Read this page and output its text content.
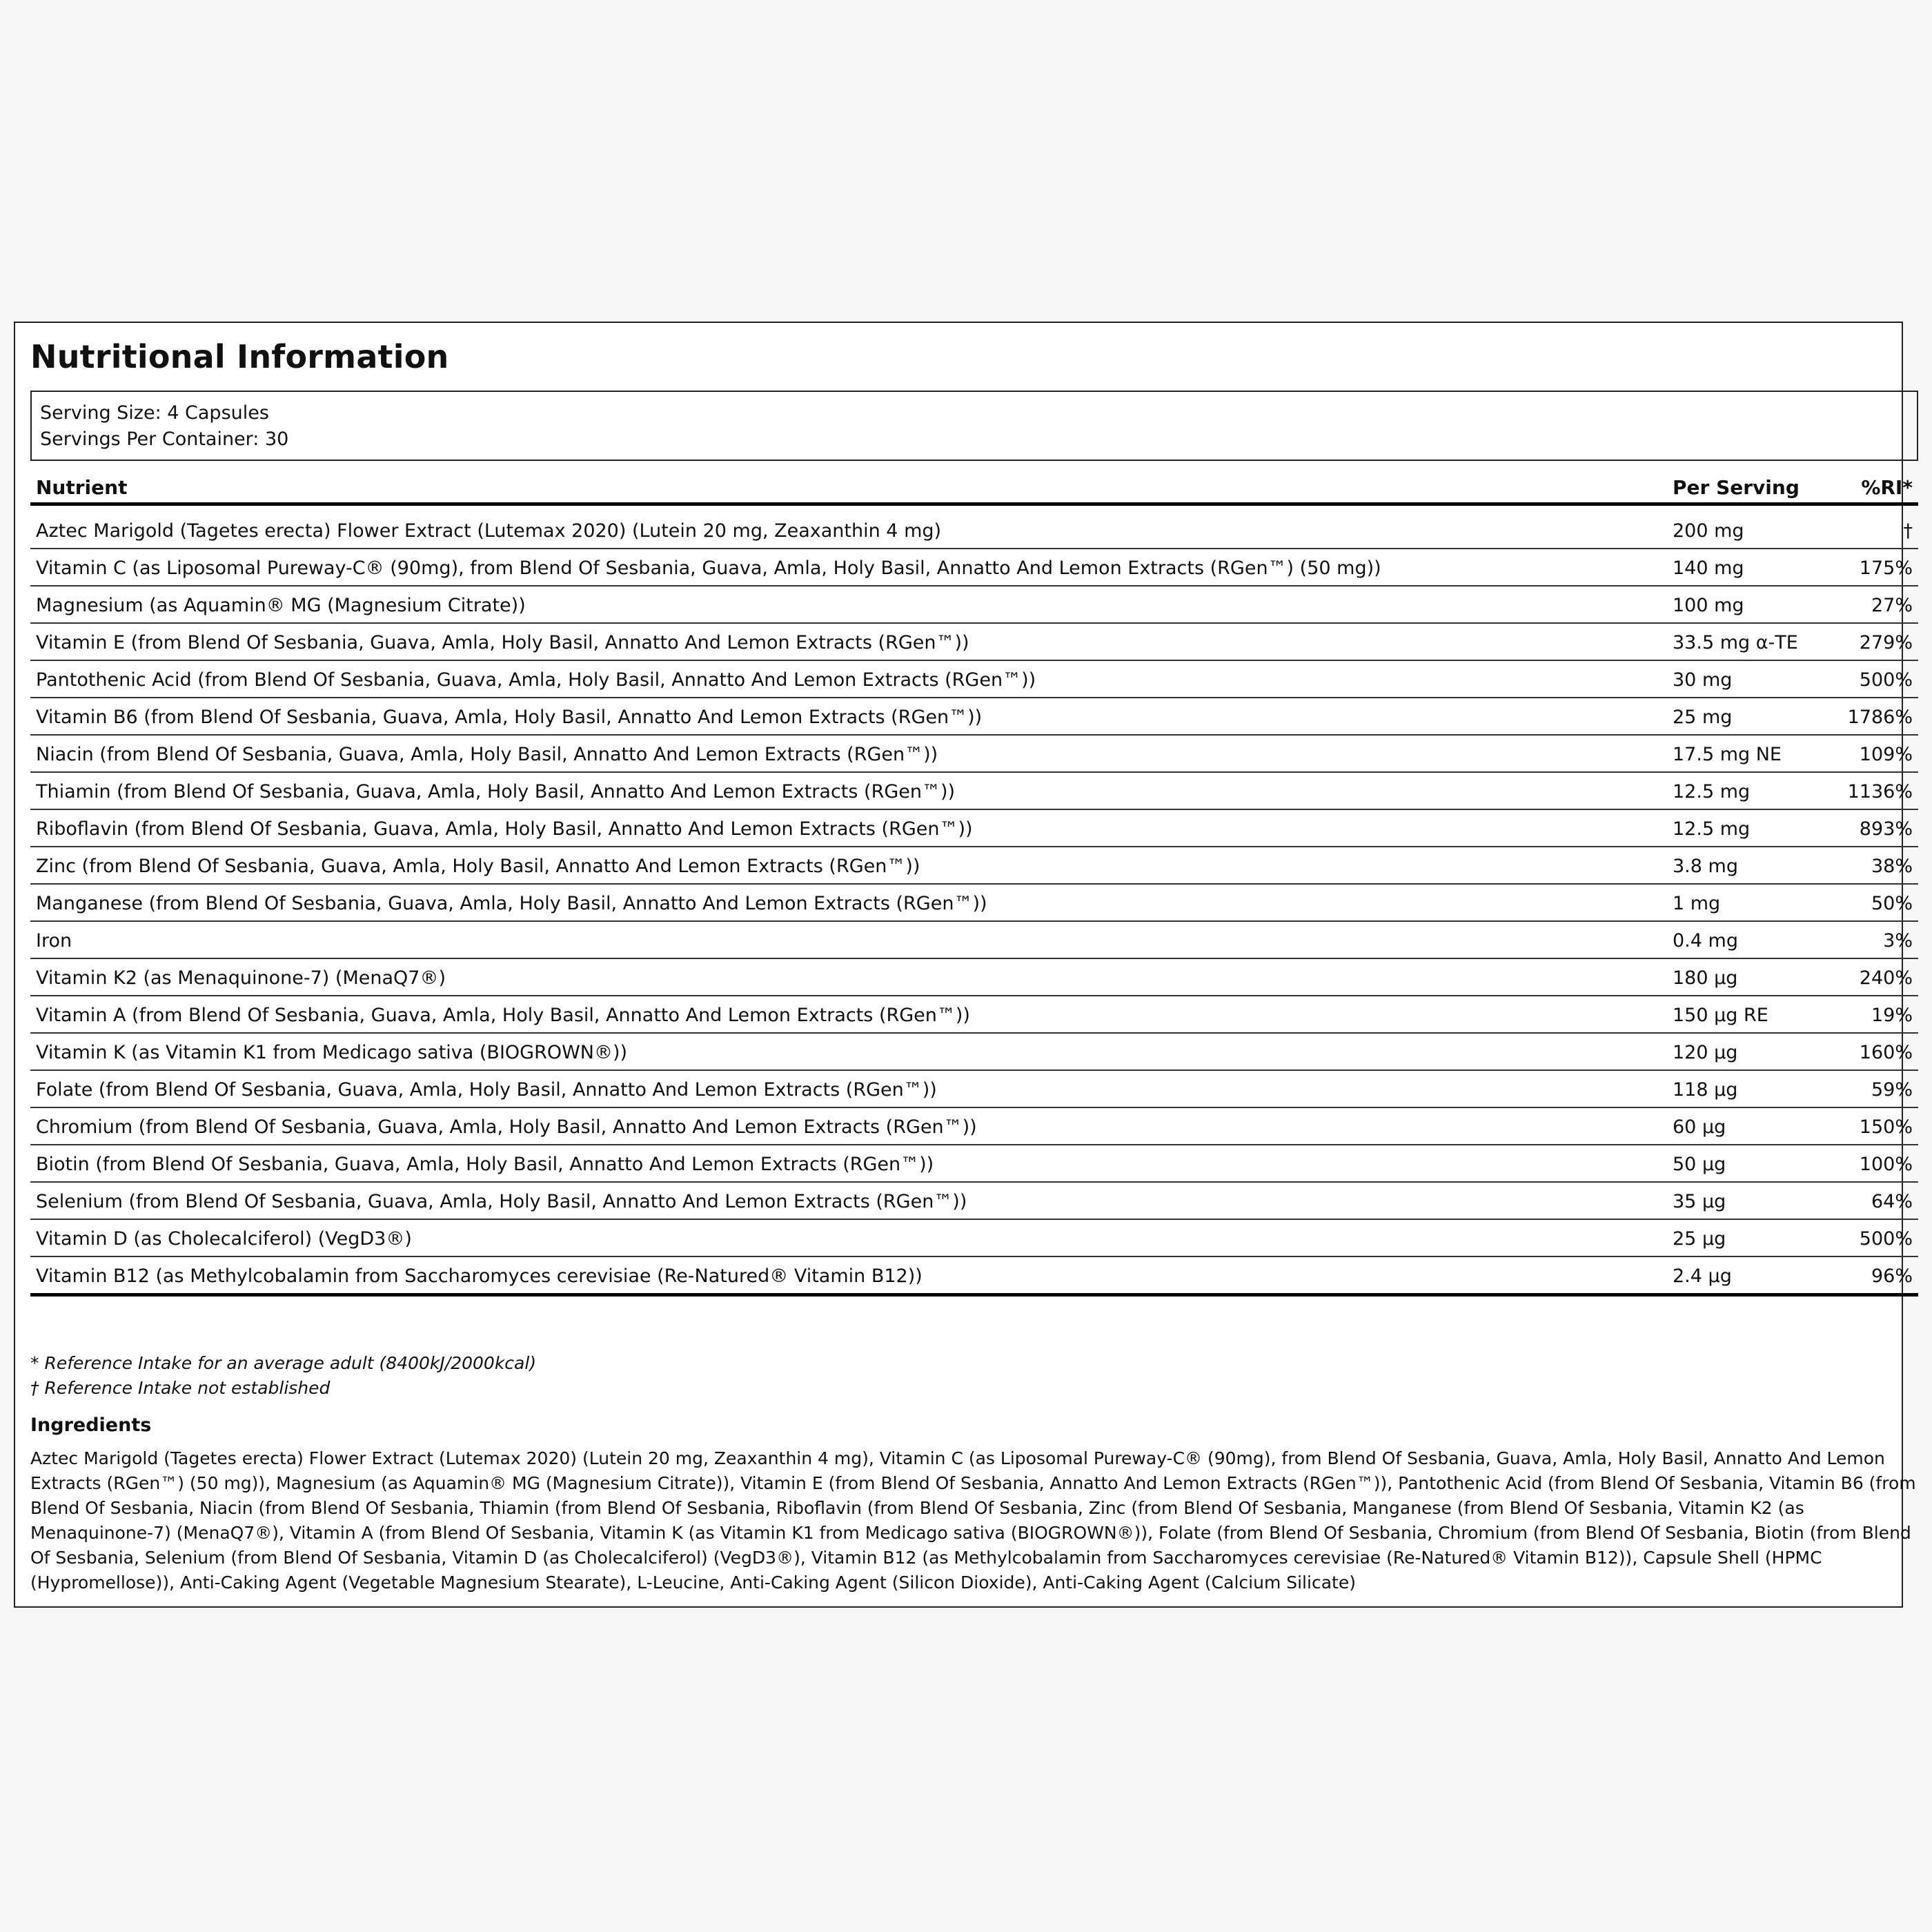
Nutritional Information
Serving Size: 4 Capsules
Servings Per Container: 30
Nutrient	Per Serving	%RI*
Aztec Marigold (Tagetes erecta) Flower Extract (Lutemax 2020) (Lutein 20 mg, Zeaxanthin 4 mg)	200 mg	†
Vitamin C (as Liposomal Pureway-C® (90mg), from Blend Of Sesbania, Guava, Amla, Holy Basil, Annatto And Lemon Extracts (RGen™) (50 mg))	140 mg	175%
Magnesium (as Aquamin® MG (Magnesium Citrate))	100 mg	27%
Vitamin E (from Blend Of Sesbania, Guava, Amla, Holy Basil, Annatto And Lemon Extracts (RGen™))	33.5 mg α-TE	279%
Pantothenic Acid (from Blend Of Sesbania, Guava, Amla, Holy Basil, Annatto And Lemon Extracts (RGen™))	30 mg	500%
Vitamin B6 (from Blend Of Sesbania, Guava, Amla, Holy Basil, Annatto And Lemon Extracts (RGen™))	25 mg	1786%
Niacin (from Blend Of Sesbania, Guava, Amla, Holy Basil, Annatto And Lemon Extracts (RGen™))	17.5 mg NE	109%
Thiamin (from Blend Of Sesbania, Guava, Amla, Holy Basil, Annatto And Lemon Extracts (RGen™))	12.5 mg	1136%
Riboflavin (from Blend Of Sesbania, Guava, Amla, Holy Basil, Annatto And Lemon Extracts (RGen™))	12.5 mg	893%
Zinc (from Blend Of Sesbania, Guava, Amla, Holy Basil, Annatto And Lemon Extracts (RGen™))	3.8 mg	38%
Manganese (from Blend Of Sesbania, Guava, Amla, Holy Basil, Annatto And Lemon Extracts (RGen™))	1 mg	50%
Iron	0.4 mg	3%
Vitamin K2 (as Menaquinone-7) (MenaQ7®)	180 µg	240%
Vitamin A (from Blend Of Sesbania, Guava, Amla, Holy Basil, Annatto And Lemon Extracts (RGen™))	150 µg RE	19%
Vitamin K (as Vitamin K1 from Medicago sativa (BIOGROWN®))	120 µg	160%
Folate (from Blend Of Sesbania, Guava, Amla, Holy Basil, Annatto And Lemon Extracts (RGen™))	118 µg	59%
Chromium (from Blend Of Sesbania, Guava, Amla, Holy Basil, Annatto And Lemon Extracts (RGen™))	60 µg	150%
Biotin (from Blend Of Sesbania, Guava, Amla, Holy Basil, Annatto And Lemon Extracts (RGen™))	50 µg	100%
Selenium (from Blend Of Sesbania, Guava, Amla, Holy Basil, Annatto And Lemon Extracts (RGen™))	35 µg	64%
Vitamin D (as Cholecalciferol) (VegD3®)	25 µg	500%
Vitamin B12 (as Methylcobalamin from Saccharomyces cerevisiae (Re-Natured® Vitamin B12))	2.4 µg	96%
* Reference Intake for an average adult (8400kJ/2000kcal)
† Reference Intake not established
Ingredients
Aztec Marigold (Tagetes erecta) Flower Extract (Lutemax 2020) (Lutein 20 mg, Zeaxanthin 4 mg), Vitamin C (as Liposomal Pureway-C® (90mg), from Blend Of Sesbania, Guava, Amla, Holy Basil, Annatto And Lemon Extracts (RGen™) (50 mg)), Magnesium (as Aquamin® MG (Magnesium Citrate)), Vitamin E (from Blend Of Sesbania, Annatto And Lemon Extracts (RGen™)), Pantothenic Acid (from Blend Of Sesbania, Vitamin B6 (from Blend Of Sesbania, Niacin (from Blend Of Sesbania, Thiamin (from Blend Of Sesbania, Riboflavin (from Blend Of Sesbania, Zinc (from Blend Of Sesbania, Manganese (from Blend Of Sesbania, Vitamin K2 (as Menaquinone-7) (MenaQ7®), Vitamin A (from Blend Of Sesbania, Vitamin K (as Vitamin K1 from Medicago sativa (BIOGROWN®)), Folate (from Blend Of Sesbania, Chromium (from Blend Of Sesbania, Biotin (from Blend Of Sesbania, Selenium (from Blend Of Sesbania, Vitamin D (as Cholecalciferol) (VegD3®), Vitamin B12 (as Methylcobalamin from Saccharomyces cerevisiae (Re-Natured® Vitamin B12)), Capsule Shell (HPMC (Hypromellose)), Anti-Caking Agent (Vegetable Magnesium Stearate), L-Leucine, Anti-Caking Agent (Silicon Dioxide), Anti-Caking Agent (Calcium Silicate)
